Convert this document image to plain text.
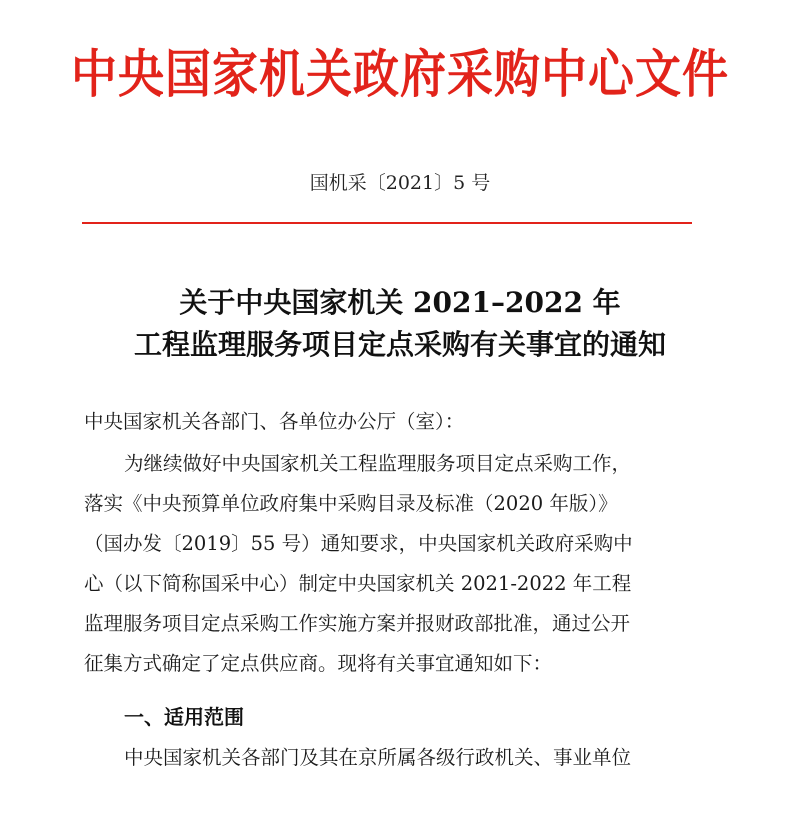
中央国家机关政府采购中心文件
国机采〔2021〕5 号
关于中央国家机关 2021–2022 年
工程监理服务项目定点采购有关事宜的通知
中央国家机关各部门、各单位办公厅（室）：
为继续做好中央国家机关工程监理服务项目定点采购工作，
落实《中央预算单位政府集中采购目录及标准（2020 年版）》
（国办发〔2019〕55 号）通知要求，中央国家机关政府采购中
心（以下简称国采中心）制定中央国家机关 2021-2022 年工程
监理服务项目定点采购工作实施方案并报财政部批准，通过公开
征集方式确定了定点供应商。现将有关事宜通知如下：
一、适用范围
中央国家机关各部门及其在京所属各级行政机关、事业单位
